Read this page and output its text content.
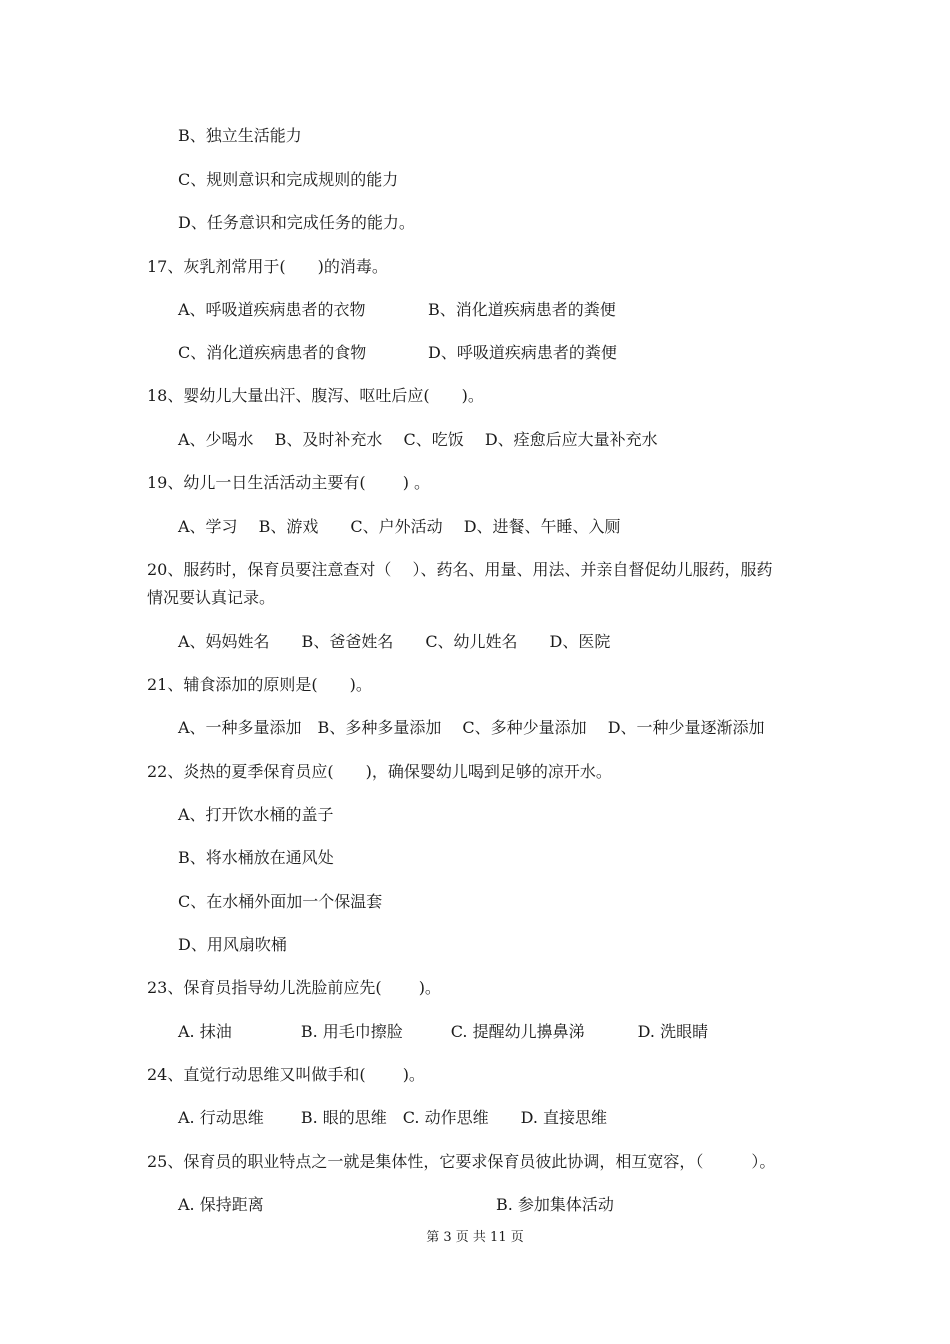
B、独立生活能力
C、规则意识和完成规则的能力
D、任务意识和完成任务的能力。
17、灰乳剂常用于(　　)的消毒。
A、呼吸道疾病患者的衣物	B、消化道疾病患者的粪便
C、消化道疾病患者的食物	D、呼吸道疾病患者的粪便
18、婴幼儿大量出汗、腹泻、呕吐后应(　　)。
A、少喝水　 B、及时补充水　 C、吃饭　 D、痊愈后应大量补充水
19、幼儿一日生活活动主要有(　　 ) 。
A、学习　 B、游戏　　C、户外活动　 D、进餐、午睡、入厕
20、服药时，保育员要注意查对（　 ）、药名、用量、用法、并亲自督促幼儿服药，服药
情况要认真记录。
A、妈妈姓名　　B、爸爸姓名　　C、幼儿姓名　　D、医院
21、辅食添加的原则是(　　)。
A、一种多量添加　B、多种多量添加　 C、多种少量添加　 D、一种少量逐渐添加
22、炎热的夏季保育员应(　　)，确保婴幼儿喝到足够的凉开水。
A、打开饮水桶的盖子
B、将水桶放在通风处
C、在水桶外面加一个保温套
D、用风扇吹桶
23、保育员指导幼儿洗脸前应先(　　 )。
A. 抹油　　　　 B. 用毛巾擦脸　　　C. 提醒幼儿擤鼻涕　　　 D. 洗眼睛
24、直觉行动思维又叫做手和(　　 )。
A. 行动思维　　 B. 眼的思维　C. 动作思维　　D. 直接思维
25、保育员的职业特点之一就是集体性，它要求保育员彼此协调，相互宽容，（　　　）。
A. 保持距离	B. 参加集体活动
第 3 页 共 11 页
